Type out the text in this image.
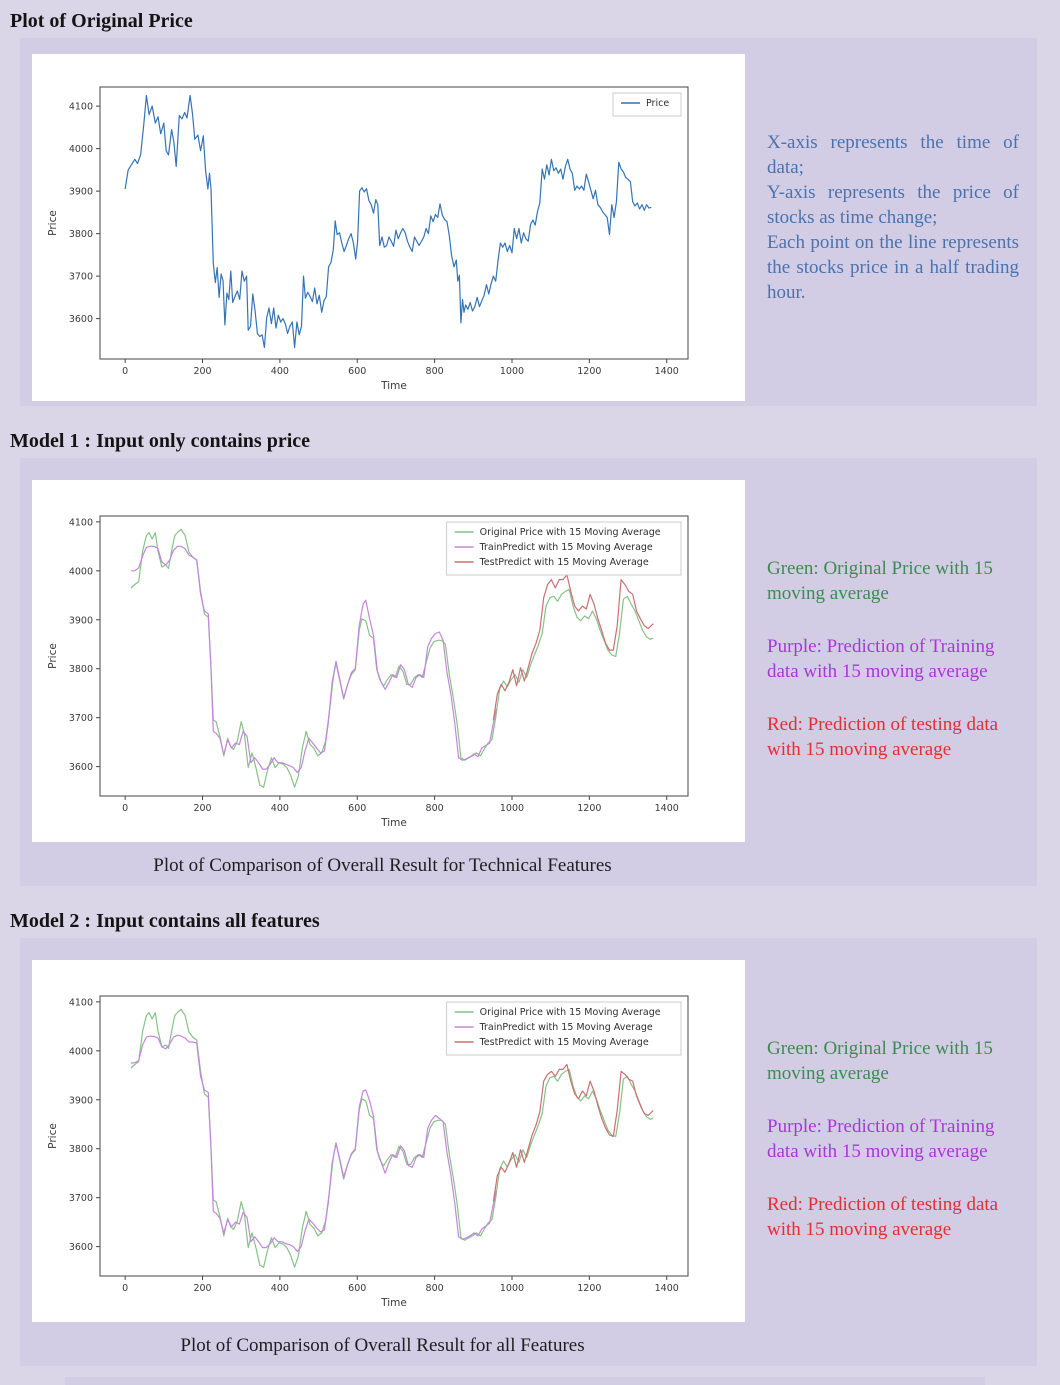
Plot of Original Price
0	200	400	600	800	1000	1200	1400
3600
3700
3800
3900
4000
4100
Time
Price
Price

X-axis represents the time of data;

Y-axis represents the price of stocks as time change;

Each point on the line represents the stocks price in a half trading hour.

Model 1 : Input only contains price
0	200	400	600	800	1000	1200	1400
3600
3700
3800
3900
4000
4100
Time
Price
Original Price with 15 Moving Average
TrainPredict with 15 Moving Average
TestPredict with 15 Moving Average
Plot of Comparison of Overall Result for Technical Features

Green: Original Price with 15 moving average

Purple: Prediction of Training data with 15 moving average

Red: Prediction of testing data with 15 moving average

Model 2 : Input contains all features
0	200	400	600	800	1000	1200	1400
3600
3700
3800
3900
4000
4100
Time
Price
Original Price with 15 Moving Average
TrainPredict with 15 Moving Average
TestPredict with 15 Moving Average
Plot of Comparison of Overall Result for all Features

Green: Original Price with 15 moving average

Purple: Prediction of Training data with 15 moving average

Red: Prediction of testing data with 15 moving average
